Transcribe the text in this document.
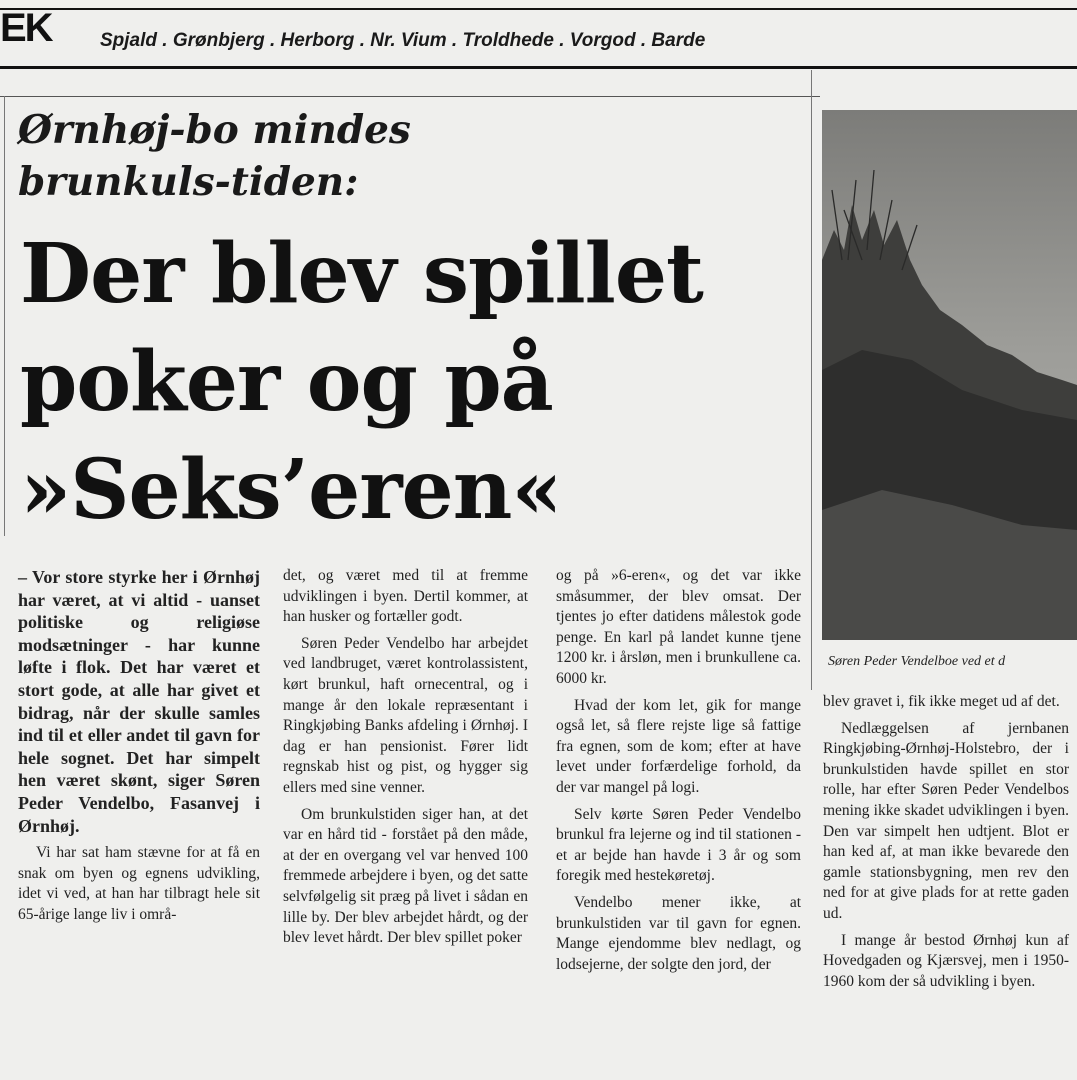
EK	Spjald . Grønbjerg . Herborg . Nr. Vium . Troldhede . Vorgod . Barde
Ørnhøj-bo mindes brunkuls-tiden:
Der blev spillet
poker og på
»Seks’eren«
Søren Peder Vendelboe ved et d

– Vor store styrke her i Ørnhøj har været, at vi altid - uanset politiske og religiøse modsætninger - har kunne løfte i flok. Det har været et stort gode, at alle har givet et bidrag, når der skulle samles ind til et eller andet til gavn for hele sognet. Det har simpelt hen været skønt, siger Søren Peder Vendelbo, Fasanvej i Ørnhøj.

Vi har sat ham stævne for at få en snak om byen og egnens udvikling, idet vi ved, at han har tilbragt hele sit 65-årige lange liv i områ-

det, og været med til at fremme udviklingen i byen. Dertil kommer, at han husker og fortæller godt.

Søren Peder Vendelbo har arbejdet ved landbruget, været kontrolassistent, kørt brunkul, haft ornecentral, og i mange år den lokale repræsentant i Ringkjøbing Banks afdeling i Ørnhøj. I dag er han pensionist. Fører lidt regnskab hist og pist, og hygger sig ellers med sine venner.

Om brunkulstiden siger han, at det var en hård tid - forstået på den måde, at der en overgang vel var henved 100 fremmede arbejdere i byen, og det satte selvfølgelig sit præg på livet i sådan en lille by. Der blev arbejdet hårdt, og der blev levet hårdt. Der blev spillet poker

og på »6-eren«, og det var ikke småsummer, der blev omsat. Der tjentes jo efter datidens målestok gode penge. En karl på landet kunne tjene 1200 kr. i årsløn, men i brunkullene ca. 6000 kr.

Hvad der kom let, gik for mange også let, så flere rejste lige så fattige fra egnen, som de kom; efter at have levet under forfærdelige forhold, da der var mangel på logi.

Selv kørte Søren Peder Vendelbo brunkul fra lejerne og ind til stationen - et ar bejde han havde i 3 år og som foregik med hestekøretøj.

Vendelbo mener ikke, at brunkulstiden var til gavn for egnen. Mange ejendomme blev nedlagt, og lodsejerne, der solgte den jord, der

blev gravet i, fik ikke meget ud af det.

Nedlæggelsen af jernbanen Ringkjøbing-Ørnhøj-Holstebro, der i brunkulstiden havde spillet en stor rolle, har efter Søren Peder Vendelbos mening ikke skadet udviklingen i byen. Den var simpelt hen udtjent. Blot er han ked af, at man ikke bevarede den gamle stationsbygning, men rev den ned for at give plads for at rette gaden ud.

I mange år bestod Ørnhøj kun af Hovedgaden og Kjærsvej, men i 1950-1960 kom der så udvikling i byen.
